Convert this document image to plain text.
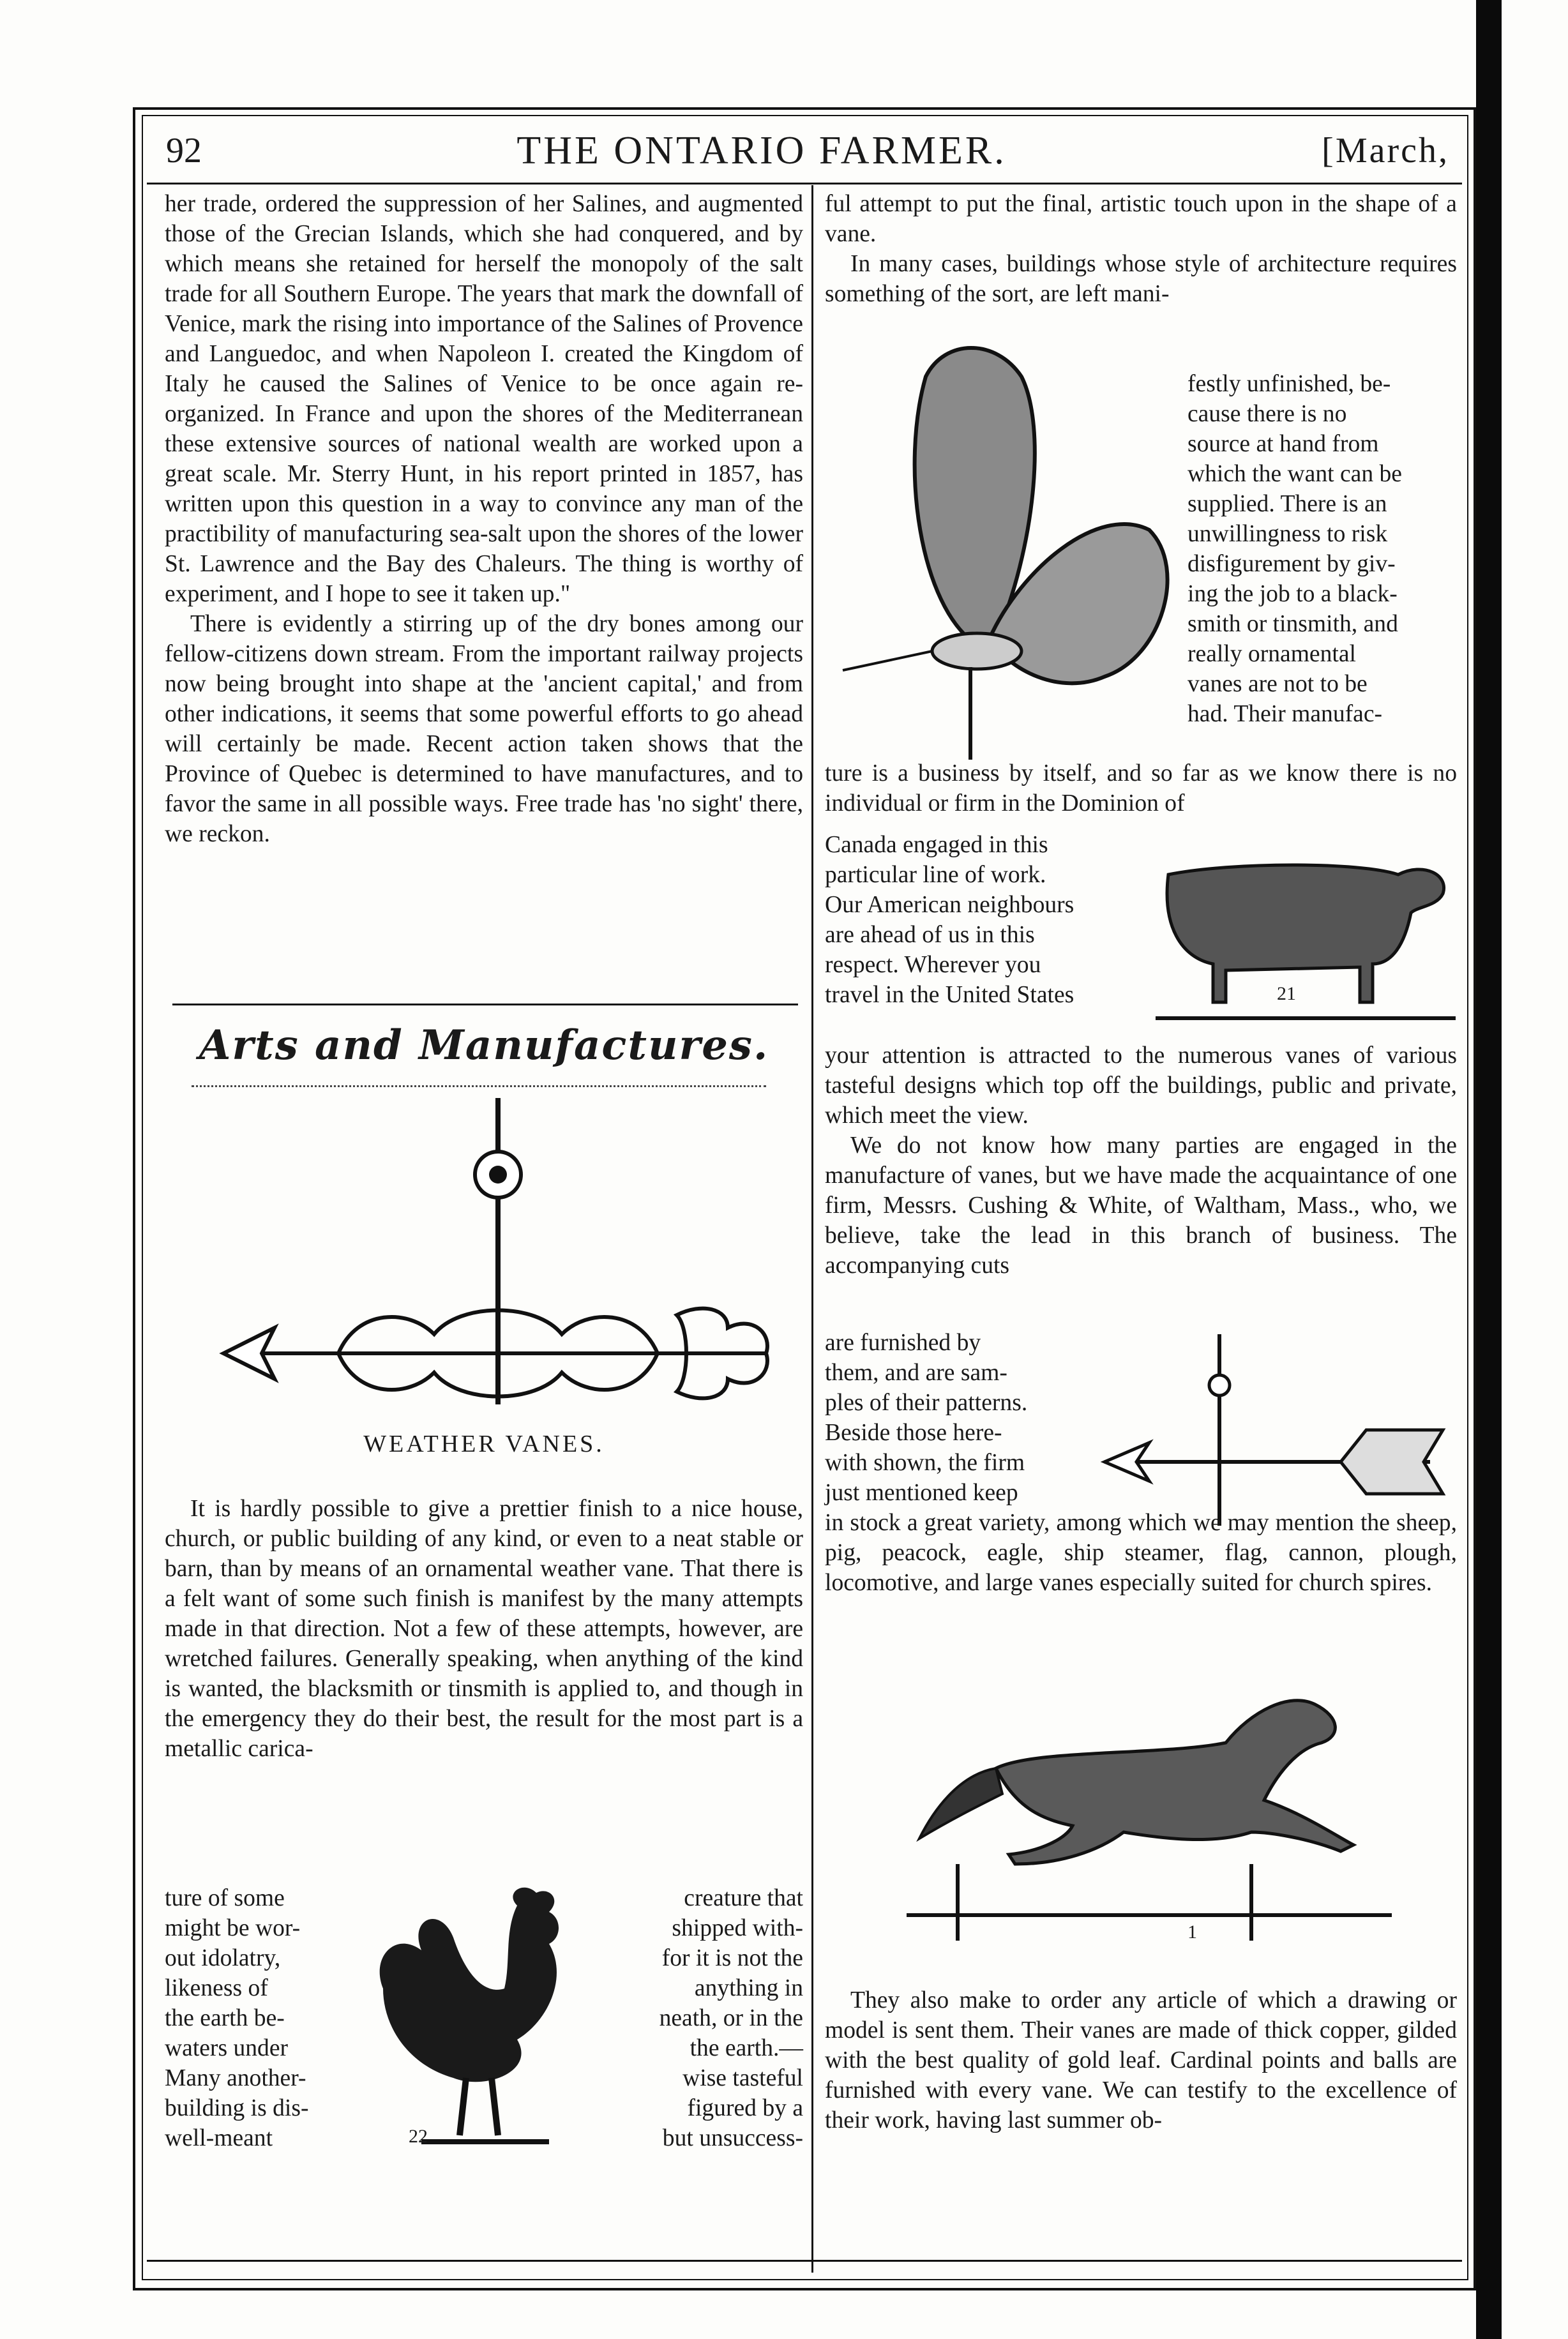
92	THE ONTARIO FARMER.	[March,

her trade, ordered the suppression of her Salines, and augmented those of the Grecian Islands, which she had conquered, and by which means she retained for herself the monopoly of the salt trade for all Southern Europe. The years that mark the downfall of Venice, mark the rising into importance of the Salines of Provence and Languedoc, and when Napoleon I. created the Kingdom of Italy he caused the Salines of Venice to be once again re-organized. In France and upon the shores of the Mediterranean these extensive sources of national wealth are worked upon a great scale. Mr. Sterry Hunt, in his report printed in 1857, has written upon this question in a way to convince any man of the practibility of manufacturing sea-salt upon the shores of the lower St. Lawrence and the Bay des Chaleurs. The thing is worthy of experiment, and I hope to see it taken up."

There is evidently a stirring up of the dry bones among our fellow-citizens down stream. From the important railway projects now being brought into shape at the 'ancient capital,' and from other indications, it seems that some powerful efforts to go ahead will certainly be made. Recent action taken shows that the Province of Quebec is determined to have manufactures, and to favor the same in all possible ways. Free trade has 'no sight' there, we reckon.

Arts and Manufactures.
WEATHER VANES.

It is hardly possible to give a prettier finish to a nice house, church, or public building of any kind, or even to a neat stable or barn, than by means of an ornamental weather vane. That there is a felt want of some such finish is manifest by the many attempts made in that direction. Not a few of these attempts, however, are wretched failures. Generally speaking, when anything of the kind is wanted, the blacksmith or tinsmith is applied to, and though in the emergency they do their best, the result for the most part is a metallic carica-

ture of some

might be wor-

out idolatry,

likeness of

the earth be-

waters under

Many another-

building is dis-

well-meant	22

creature that

shipped with-

for it is not the

anything in

neath, or in the

the earth.—

wise tasteful

figured by a

but unsuccess-

ful attempt to put the final, artistic touch upon in the shape of a vane.

In many cases, buildings whose style of architecture requires something of the sort, are left mani-

festly unfinished, be-

cause there is no

source at hand from

which the want can be

supplied. There is an

unwillingness to risk

disfigurement by giv-

ing the job to a black-

smith or tinsmith, and

really ornamental

vanes are not to be

had. Their manufac-

ture is a business by itself, and so far as we know there is no individual or firm in the Dominion of

Canada engaged in this

particular line of work.

Our American neighbours

are ahead of us in this

respect. Wherever you

travel in the United States	21

your attention is attracted to the numerous vanes of various tasteful designs which top off the buildings, public and private, which meet the view.

We do not know how many parties are engaged in the manufacture of vanes, but we have made the acquaintance of one firm, Messrs. Cushing & White, of Waltham, Mass., who, we believe, take the lead in this branch of business. The accompanying cuts

are furnished by

them, and are sam-

ples of their patterns.

Beside those here-

with shown, the firm

just mentioned keep

in stock a great variety, among which we may mention the sheep, pig, peacock, eagle, ship steamer, flag, cannon, plough, locomotive, and large vanes especially suited for church spires.

1

They also make to order any article of which a drawing or model is sent them. Their vanes are made of thick copper, gilded with the best quality of gold leaf. Cardinal points and balls are furnished with every vane. We can testify to the excellence of their work, having last summer ob-
